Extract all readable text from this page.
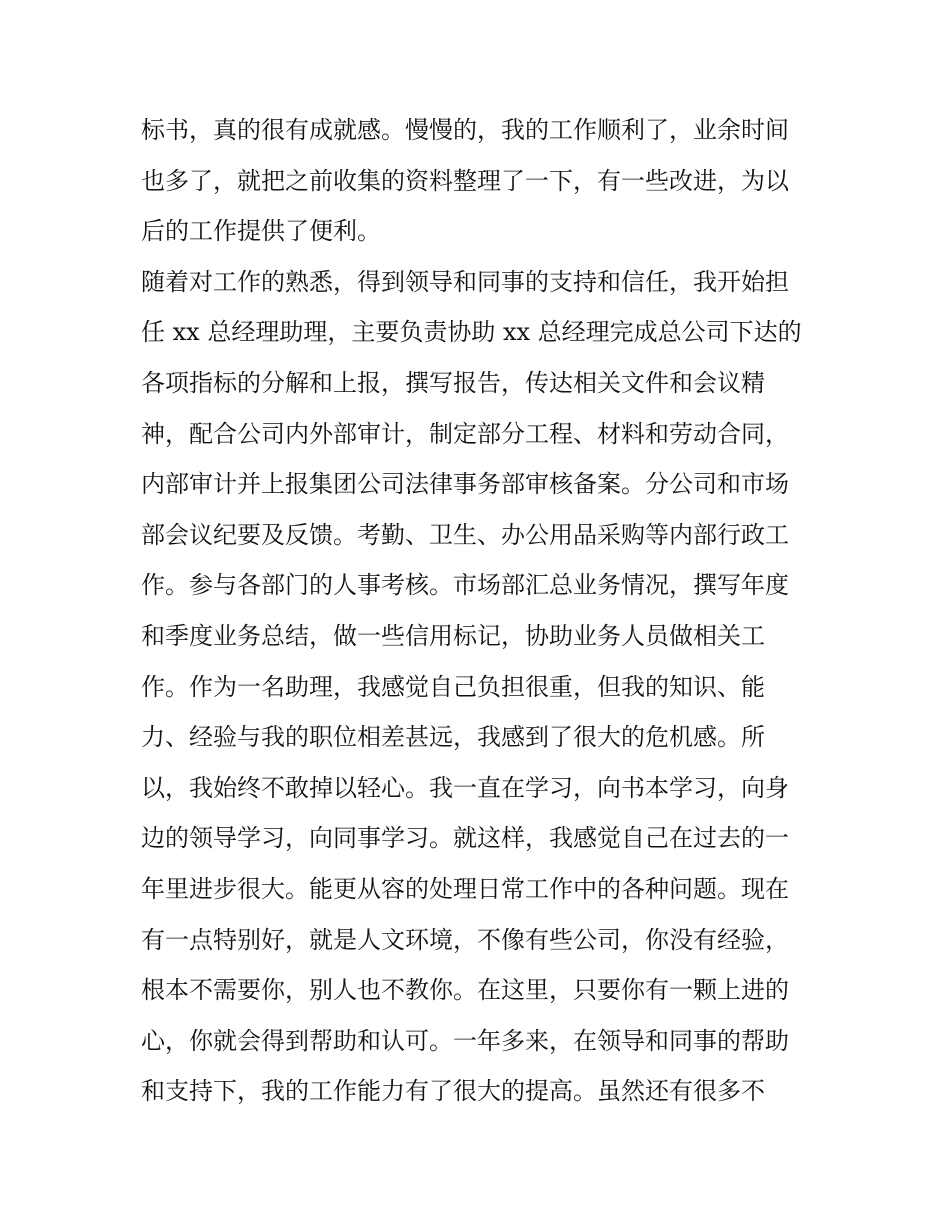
标书，真的很有成就感。慢慢的，我的工作顺利了，业余时间
也多了，就把之前收集的资料整理了一下，有一些改进，为以
后的工作提供了便利。
随着对工作的熟悉，得到领导和同事的支持和信任，我开始担
任 xx 总经理助理，主要负责协助 xx 总经理完成总公司下达的
各项指标的分解和上报，撰写报告，传达相关文件和会议精
神，配合公司内外部审计，制定部分工程、材料和劳动合同，
内部审计并上报集团公司法律事务部审核备案。分公司和市场
部会议纪要及反馈。考勤、卫生、办公用品采购等内部行政工
作。参与各部门的人事考核。市场部汇总业务情况，撰写年度
和季度业务总结，做一些信用标记，协助业务人员做相关工
作。作为一名助理，我感觉自己负担很重，但我的知识、能
力、经验与我的职位相差甚远，我感到了很大的危机感。所
以，我始终不敢掉以轻心。我一直在学习，向书本学习，向身
边的领导学习，向同事学习。就这样，我感觉自己在过去的一
年里进步很大。能更从容的处理日常工作中的各种问题。现在
有一点特别好，就是人文环境，不像有些公司，你没有经验，
根本不需要你，别人也不教你。在这里，只要你有一颗上进的
心，你就会得到帮助和认可。一年多来，在领导和同事的帮助
和支持下，我的工作能力有了很大的提高。虽然还有很多不
